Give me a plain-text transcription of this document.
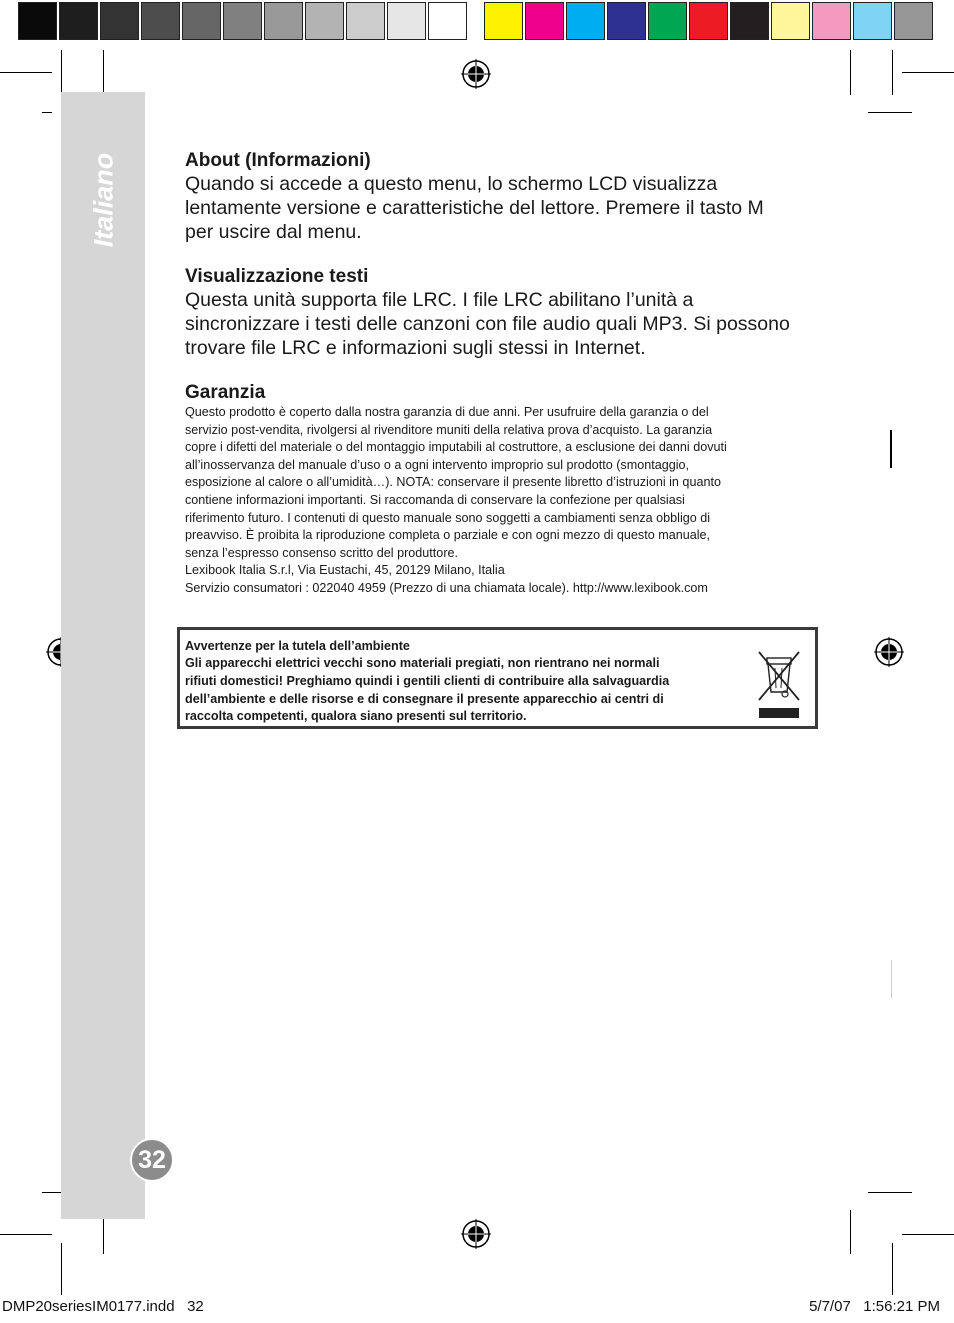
Italiano
32
About (Informazioni)

Quando si accede a questo menu, lo schermo LCD visualizza
lentamente versione e caratteristiche del lettore. Premere il tasto M
per uscire dal menu.

Visualizzazione testi

Questa unità supporta file LRC. I file LRC abilitano l’unità a
sincronizzare i testi delle canzoni con file audio quali MP3. Si possono
trovare file LRC e informazioni sugli stessi in Internet.

Garanzia

Questo prodotto è coperto dalla nostra garanzia di due anni. Per usufruire della garanzia o del
servizio post-vendita, rivolgersi al rivenditore muniti della relativa prova d’acquisto. La garanzia
copre i difetti del materiale o del montaggio imputabili al costruttore, a esclusione dei danni dovuti
all’inosservanza del manuale d’uso o a ogni intervento improprio sul prodotto (smontaggio,
esposizione al calore o all’umidità…). NOTA: conservare il presente libretto d’istruzioni in quanto
contiene informazioni importanti. Si raccomanda di conservare la confezione per qualsiasi
riferimento futuro. I contenuti di questo manuale sono soggetti a cambiamenti senza obbligo di
preavviso. È proibita la riproduzione completa o parziale e con ogni mezzo di questo manuale,
senza l’espresso consenso scritto del produttore.
Lexibook Italia S.r.l, Via Eustachi, 45, 20129 Milano, Italia
Servizio consumatori : 022040 4959 (Prezzo di una chiamata locale). http://www.lexibook.com

Avvertenze per la tutela dell’ambiente

Gli apparecchi elettrici vecchi sono materiali pregiati, non rientrano nei normali
rifiuti domestici! Preghiamo quindi i gentili clienti di contribuire alla salvaguardia
dell’ambiente e delle risorse e di consegnare il presente apparecchio ai centri di
raccolta competenti, qualora siano presenti sul territorio.

DMP20seriesIM0177.indd   32	5/7/07   1:56:21 PM
